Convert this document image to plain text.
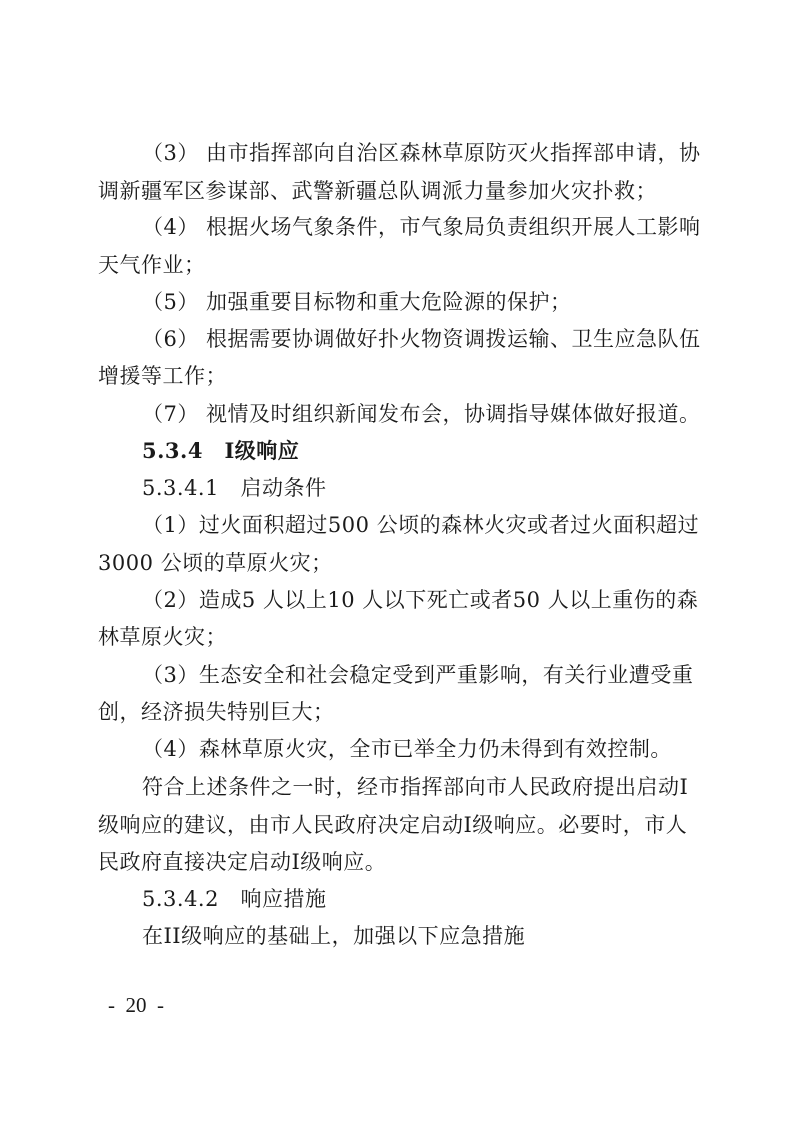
（3） 由市指挥部向自治区森林草原防灭火指挥部申请，协
调新疆军区参谋部、武警新疆总队调派力量参加火灾扑救；
（4） 根据火场气象条件，市气象局负责组织开展人工影响
天气作业；
（5） 加强重要目标物和重大危险源的保护；
（6） 根据需要协调做好扑火物资调拨运输、卫生应急队伍
增援等工作；
（7） 视情及时组织新闻发布会，协调指导媒体做好报道。
5.3.4　I级响应
5.3.4.1　启动条件
（1）过火面积超过500 公顷的森林火灾或者过火面积超过
3000 公顷的草原火灾；
（2）造成5 人以上10 人以下死亡或者50 人以上重伤的森
林草原火灾；
（3）生态安全和社会稳定受到严重影响，有关行业遭受重
创，经济损失特别巨大；
（4）森林草原火灾，全市已举全力仍未得到有效控制。
符合上述条件之一时，经市指挥部向市人民政府提出启动I
级响应的建议，由市人民政府决定启动I级响应。必要时，市人
民政府直接决定启动I级响应。
5.3.4.2　响应措施
在II级响应的基础上，加强以下应急措施
-  20  -
